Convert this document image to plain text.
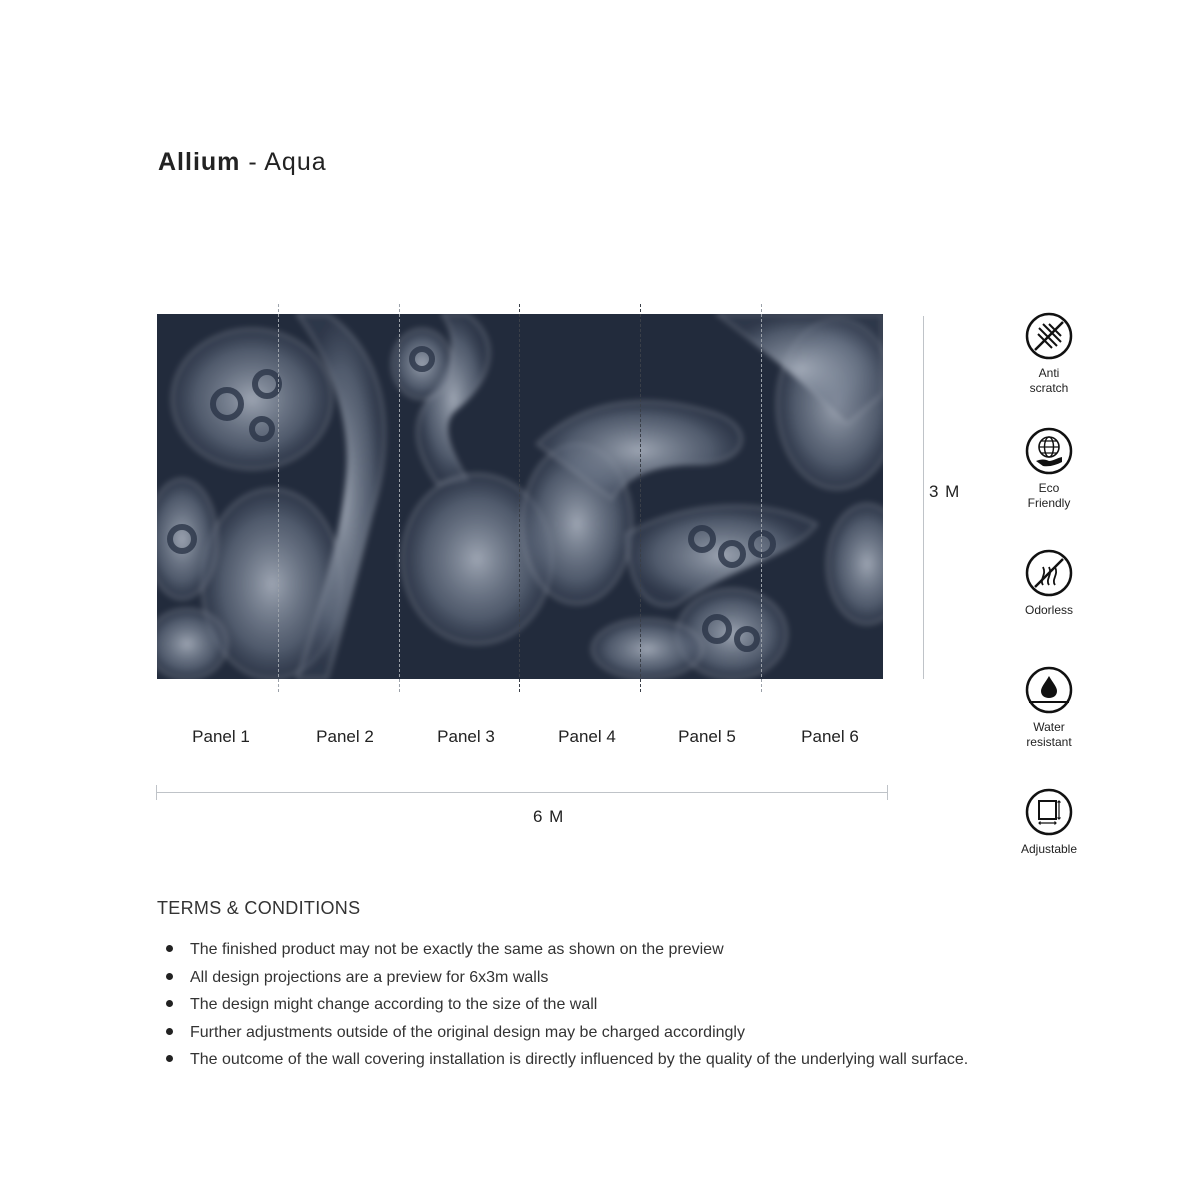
Allium - Aqua
3 M
Panel 1	Panel 2	Panel 3	Panel 4	Panel 5	Panel 6
6 M
Anti
scratch
Eco
Friendly
Odorless
Water
resistant
Adjustable
TERMS & CONDITIONS
The finished product may not be exactly the same as shown on the preview
All design projections are a preview for 6x3m walls
The design might change according to the size of the wall
Further adjustments outside of the original design may be charged accordingly
The outcome of the wall covering installation is directly influenced by the quality of the underlying wall surface.
